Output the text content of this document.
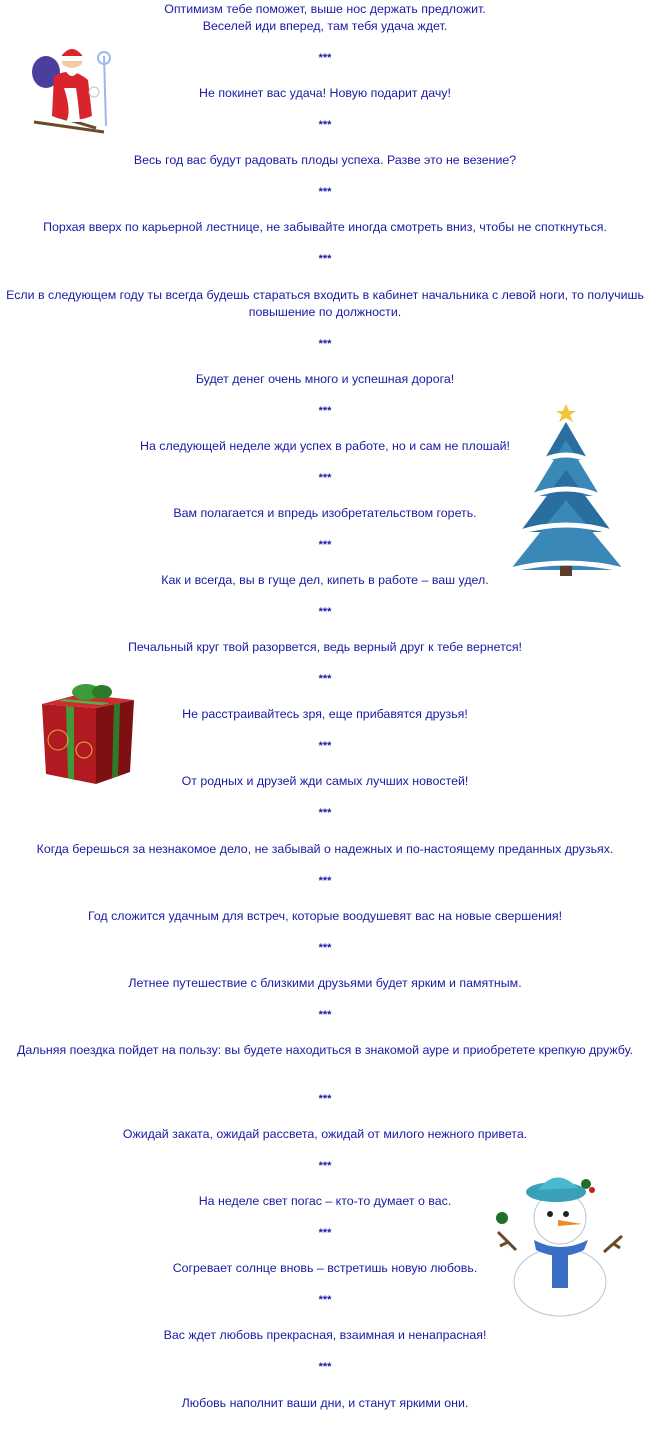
Оптимизм тебе поможет, выше нос держать предложит.
Веселей иди вперед, там тебя удача ждет.
***
Не покинет вас удача! Новую подарит дачу!
***
Весь год вас будут радовать плоды успеха. Разве это не везение?
***
Порхая вверх по карьерной лестнице, не забывайте иногда смотреть вниз, чтобы не споткнуться.
***
Если в следующем году ты всегда будешь стараться входить в кабинет начальника с левой ноги, то получишь повышение по должности.
***
Будет денег очень много и успешная дорога!
***
На следующей неделе жди успех в работе, но и сам не плошай!
***
Вам полагается и впредь изобретательством гореть.
***
Как и всегда, вы в гуще дел, кипеть в работе – ваш удел.
***
Печальный круг твой разорвется, ведь верный друг к тебе вернется!
***
Не расстраивайтесь зря, еще прибавятся друзья!
***
От родных и друзей жди самых лучших новостей!
***
Когда берешься за незнакомое дело, не забывай о надежных и по-настоящему преданных друзьях.
***
Год сложится удачным для встреч, которые воодушевят вас на новые свершения!
***
Летнее путешествие с близкими друзьями будет ярким и памятным.
***
Дальняя поездка пойдет на пользу: вы будете находиться в знакомой ауре и приобретете крепкую дружбу.
***
Ожидай заката, ожидай рассвета, ожидай от милого нежного привета.
***
На неделе свет погас – кто-то думает о вас.
***
Согревает солнце вновь – встретишь новую любовь.
***
Вас ждет любовь прекрасная, взаимная и ненапрасная!
***
Любовь наполнит ваши дни, и станут яркими они.
